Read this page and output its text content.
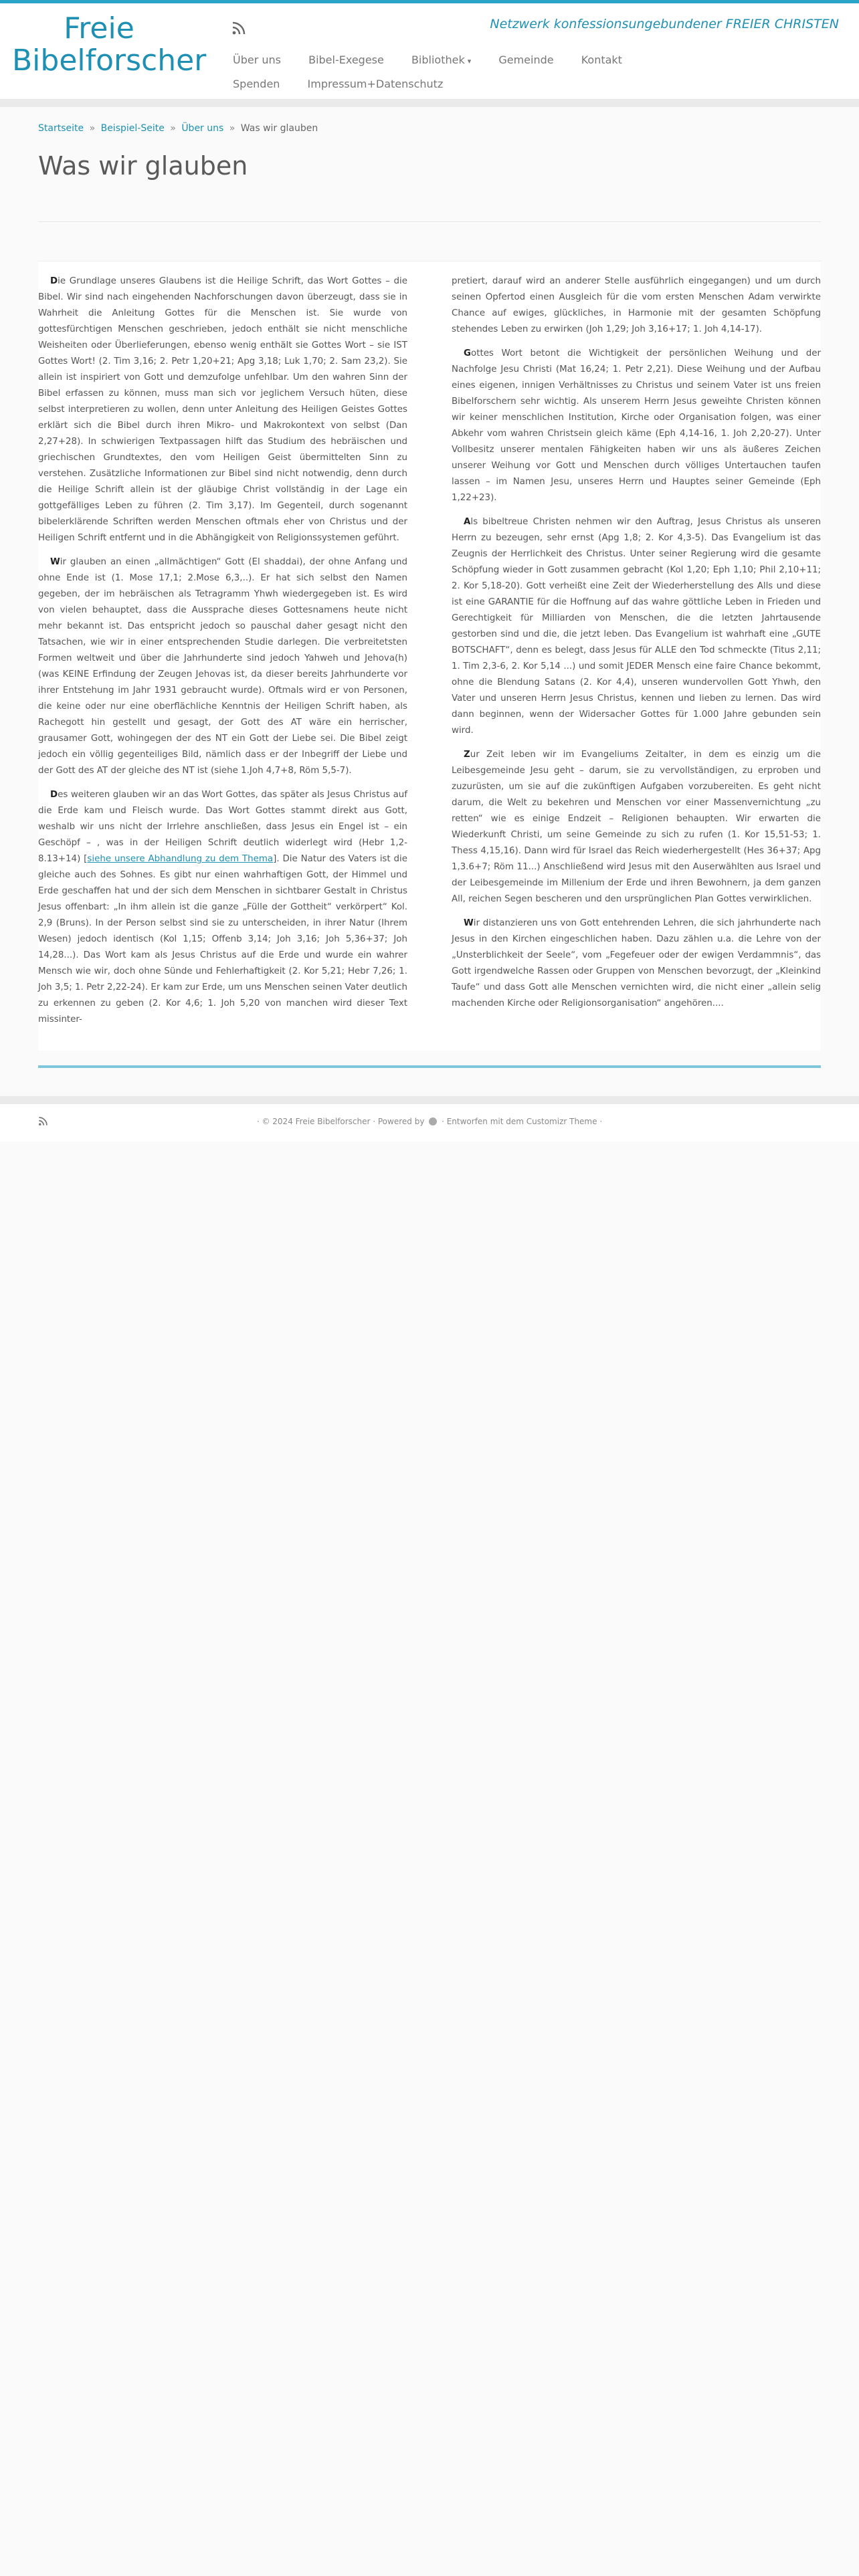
Freie
Bibelforscher
Netzwerk konfessionsungebundener FREIER CHRISTEN
Über uns	Bibel-Exegese	Bibliothek ▾	Gemeinde	Kontakt Spenden	Impressum+Datenschutz
Startseite » Beispiel-Seite » Über uns » Was wir glauben
Was wir glauben

Die Grundlage unseres Glaubens ist die Heilige Schrift, das Wort Gottes – die Bibel. Wir sind nach eingehenden Nachforschungen davon überzeugt, dass sie in Wahrheit die Anleitung Gottes für die Menschen ist. Sie wurde von gottesfürchtigen Menschen geschrieben, jedoch enthält sie nicht menschliche Weisheiten oder Überlieferungen, ebenso wenig enthält sie Gottes Wort – sie IST Gottes Wort! (2. Tim 3,16; 2. Petr 1,20+21; Apg 3,18; Luk 1,70; 2. Sam 23,2). Sie allein ist inspiriert von Gott und demzufolge unfehlbar. Um den wahren Sinn der Bibel erfassen zu können, muss man sich vor jeglichem Versuch hüten, diese selbst interpretieren zu wollen, denn unter Anleitung des Heiligen Geistes Gottes erklärt sich die Bibel durch ihren Mikro- und Makrokontext von selbst (Dan 2,27+28). In schwierigen Textpassagen hilft das Studium des hebräischen und griechischen Grundtextes, den vom Heiligen Geist übermittelten Sinn zu verstehen. Zusätzliche Informationen zur Bibel sind nicht notwendig, denn durch die Heilige Schrift allein ist der gläubige Christ vollständig in der Lage ein gottgefälliges Leben zu führen (2. Tim 3,17). Im Gegenteil, durch sogenannt bibelerklärende Schriften werden Menschen oftmals eher von Christus und der Heiligen Schrift entfernt und in die Abhängigkeit von Religionssystemen geführt.

Wir glauben an einen „allmächtigen“ Gott (El shaddai), der ohne Anfang und ohne Ende ist (1. Mose 17,1; 2.Mose 6,3,..). Er hat sich selbst den Namen gegeben, der im hebräischen als Tetragramm Yhwh wiedergegeben ist. Es wird von vielen behauptet, dass die Aussprache dieses Gottesnamens heute nicht mehr bekannt ist. Das entspricht jedoch so pauschal daher gesagt nicht den Tatsachen, wie wir in einer entsprechenden Studie darlegen. Die verbreitetsten Formen weltweit und über die Jahrhunderte sind jedoch Yahweh und Jehova(h) (was KEINE Erfindung der Zeugen Jehovas ist, da dieser bereits Jahrhunderte vor ihrer Entstehung im Jahr 1931 gebraucht wurde). Oftmals wird er von Personen, die keine oder nur eine oberflächliche Kenntnis der Heiligen Schrift haben, als Rachegott hin gestellt und gesagt, der Gott des AT wäre ein herrischer, grausamer Gott, wohingegen der des NT ein Gott der Liebe sei. Die Bibel zeigt jedoch ein völlig gegenteiliges Bild, nämlich dass er der Inbegriff der Liebe und der Gott des AT der gleiche des NT ist (siehe 1.Joh 4,7+8, Röm 5,5-7).

Des weiteren glauben wir an das Wort Gottes, das später als Jesus Christus auf die Erde kam und Fleisch wurde. Das Wort Gottes stammt direkt aus Gott, weshalb wir uns nicht der Irrlehre anschließen, dass Jesus ein Engel ist – ein Geschöpf – , was in der Heiligen Schrift deutlich widerlegt wird (Hebr 1,2-8.13+14) [siehe unsere Abhandlung zu dem Thema]. Die Natur des Vaters ist die gleiche auch des Sohnes. Es gibt nur einen wahrhaftigen Gott, der Himmel und Erde geschaffen hat und der sich dem Menschen in sichtbarer Gestalt in Christus Jesus offenbart: „In ihm allein ist die ganze „Fülle der Gottheit“ verkörpert“ Kol. 2,9 (Bruns). In der Person selbst sind sie zu unterscheiden, in ihrer Natur (Ihrem Wesen) jedoch identisch (Kol 1,15; Offenb 3,14; Joh 3,16; Joh 5,36+37; Joh 14,28...). Das Wort kam als Jesus Christus auf die Erde und wurde ein wahrer Mensch wie wir, doch ohne Sünde und Fehlerhaftigkeit (2. Kor 5,21; Hebr 7,26; 1. Joh 3,5; 1. Petr 2,22-24). Er kam zur Erde, um uns Menschen seinen Vater deutlich zu erkennen zu geben (2. Kor 4,6; 1. Joh 5,20 von manchen wird dieser Text missinter-

pretiert, darauf wird an anderer Stelle ausführlich eingegangen) und um durch seinen Opfertod einen Ausgleich für die vom ersten Menschen Adam verwirkte Chance auf ewiges, glückliches, in Harmonie mit der gesamten Schöpfung stehendes Leben zu erwirken (Joh 1,29; Joh 3,16+17; 1. Joh 4,14-17).

Gottes Wort betont die Wichtigkeit der persönlichen Weihung und der Nachfolge Jesu Christi (Mat 16,24; 1. Petr 2,21). Diese Weihung und der Aufbau eines eigenen, innigen Verhältnisses zu Christus und seinem Vater ist uns freien Bibelforschern sehr wichtig. Als unserem Herrn Jesus geweihte Christen können wir keiner menschlichen Institution, Kirche oder Organisation folgen, was einer Abkehr vom wahren Christsein gleich käme (Eph 4,14-16, 1. Joh 2,20-27). Unter Vollbesitz unserer mentalen Fähigkeiten haben wir uns als äußeres Zeichen unserer Weihung vor Gott und Menschen durch völliges Untertauchen taufen lassen – im Namen Jesu, unseres Herrn und Hauptes seiner Gemeinde (Eph 1,22+23).

Als bibeltreue Christen nehmen wir den Auftrag, Jesus Christus als unseren Herrn zu bezeugen, sehr ernst (Apg 1,8; 2. Kor 4,3-5). Das Evangelium ist das Zeugnis der Herrlichkeit des Christus. Unter seiner Regierung wird die gesamte Schöpfung wieder in Gott zusammen gebracht (Kol 1,20; Eph 1,10; Phil 2,10+11; 2. Kor 5,18-20). Gott verheißt eine Zeit der Wiederherstellung des Alls und diese ist eine GARANTIE für die Hoffnung auf das wahre göttliche Leben in Frieden und Gerechtigkeit für Milliarden von Menschen, die die letzten Jahrtausende gestorben sind und die, die jetzt leben. Das Evangelium ist wahrhaft eine „GUTE BOTSCHAFT“, denn es belegt, dass Jesus für ALLE den Tod schmeckte (Titus 2,11; 1. Tim 2,3-6, 2. Kor 5,14 ...) und somit JEDER Mensch eine faire Chance bekommt, ohne die Blendung Satans (2. Kor 4,4), unseren wundervollen Gott Yhwh, den Vater und unseren Herrn Jesus Christus, kennen und lieben zu lernen. Das wird dann beginnen, wenn der Widersacher Gottes für 1.000 Jahre gebunden sein wird.

Zur Zeit leben wir im Evangeliums Zeitalter, in dem es einzig um die Leibesgemeinde Jesu geht – darum, sie zu vervollständigen, zu erproben und zuzurüsten, um sie auf die zukünftigen Aufgaben vorzubereiten. Es geht nicht darum, die Welt zu bekehren und Menschen vor einer Massenvernichtung „zu retten“ wie es einige Endzeit – Religionen behaupten. Wir erwarten die Wiederkunft Christi, um seine Gemeinde zu sich zu rufen (1. Kor 15,51-53; 1. Thess 4,15,16). Dann wird für Israel das Reich wiederhergestellt (Hes 36+37; Apg 1,3.6+7; Röm 11...) Anschließend wird Jesus mit den Auserwählten aus Israel und der Leibesgemeinde im Millenium der Erde und ihren Bewohnern, ja dem ganzen All, reichen Segen bescheren und den ursprünglichen Plan Gottes verwirklichen.

Wir distanzieren uns von Gott entehrenden Lehren, die sich jahrhunderte nach Jesus in den Kirchen eingeschlichen haben. Dazu zählen u.a. die Lehre von der „Unsterblichkeit der Seele“, vom „Fegefeuer oder der ewigen Verdammnis“, das Gott irgendwelche Rassen oder Gruppen von Menschen bevorzugt, der „Kleinkind Taufe“ und dass Gott alle Menschen vernichten wird, die nicht einer „allein selig machenden Kirche oder Religionsorganisation“ angehören....

· © 2024 Freie Bibelforscher · Powered by · Entworfen mit dem Customizr Theme ·
